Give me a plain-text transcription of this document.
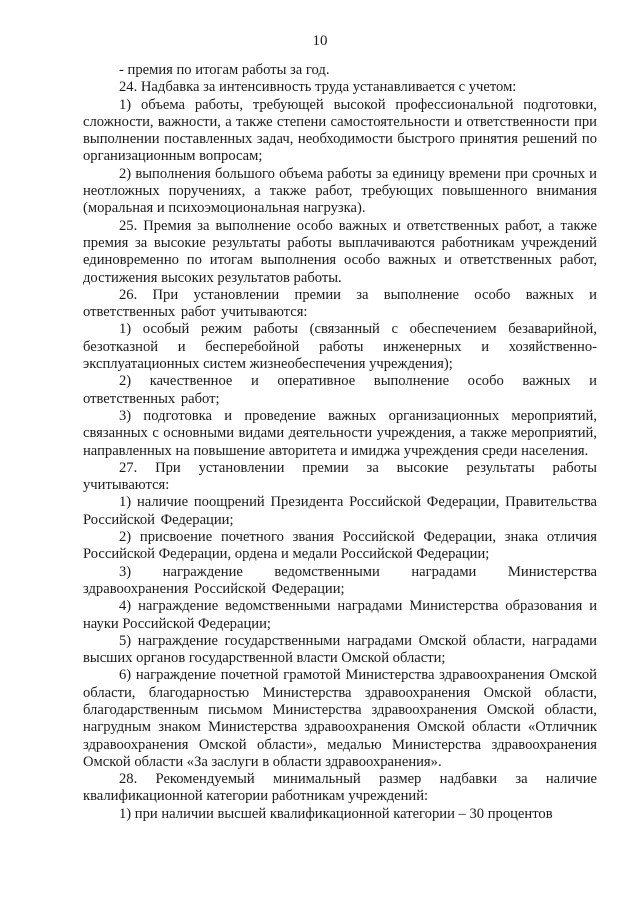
10

- премия по итогам работы за год.

24. Надбавка за интенсивность труда устанавливается с учетом:

1) объема работы, требующей высокой профессиональной подготовки, сложности, важности, а также степени самостоятельности и ответственности при выполнении поставленных задач, необходимости быстрого принятия решений по организационным вопросам;

2) выполнения большого объема работы за единицу времени при срочных и неотложных поручениях, а также работ, требующих повышенного внимания (моральная и психоэмоциональная нагрузка).

25. Премия за выполнение особо важных и ответственных работ, а также премия за высокие результаты работы выплачиваются работникам учреждений единовременно по итогам выполнения особо важных и ответственных работ, достижения высоких результатов работы.

26. При установлении премии за выполнение особо важных и ответственных работ учитываются:

1) особый режим работы (связанный с обеспечением безаварийной, безотказной и бесперебойной работы инженерных и хозяйственно-эксплуатационных систем жизнеобеспечения учреждения);

2) качественное и оперативное выполнение особо важных и ответственных работ;

3) подготовка и проведение важных организационных мероприятий, связанных с основными видами деятельности учреждения, а также мероприятий, направленных на повышение авторитета и имиджа учреждения среди населения.

27. При установлении премии за высокие результаты работы учитываются:

1) наличие поощрений Президента Российской Федерации, Правительства Российской Федерации;

2) присвоение почетного звания Российской Федерации, знака отличия Российской Федерации, ордена и медали Российской Федерации;

3) награждение ведомственными наградами Министерства здравоохранения Российской Федерации;

4) награждение ведомственными наградами Министерства образования и науки Российской Федерации;

5) награждение государственными наградами Омской области, наградами высших органов государственной власти Омской области;

6) награждение почетной грамотой Министерства здравоохранения Омской области, благодарностью Министерства здравоохранения Омской области, благодарственным письмом Министерства здравоохранения Омской области, нагрудным знаком Министерства здравоохранения Омской области «Отличник здравоохранения Омской области», медалью Министерства здравоохранения Омской области «За заслуги в области здравоохранения».

28. Рекомендуемый минимальный размер надбавки за наличие квалификационной категории работникам учреждений:

1) при наличии высшей квалификационной категории – 30 процентов
